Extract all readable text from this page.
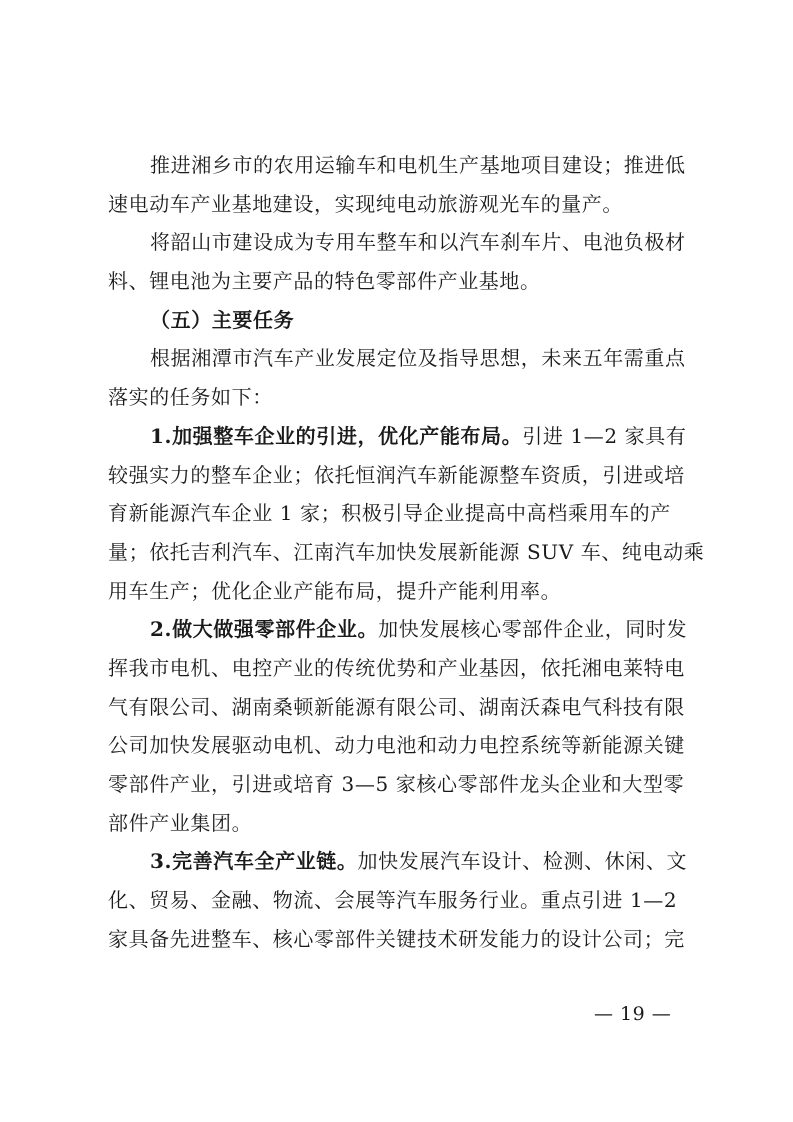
推进湘乡市的农用运输车和电机生产基地项目建设；推进低
速电动车产业基地建设，实现纯电动旅游观光车的量产。
将韶山市建设成为专用车整车和以汽车刹车片、电池负极材
料、锂电池为主要产品的特色零部件产业基地。
（五）主要任务
根据湘潭市汽车产业发展定位及指导思想，未来五年需重点
落实的任务如下：
1.加强整车企业的引进，优化产能布局。引进 1—2 家具有
较强实力的整车企业；依托恒润汽车新能源整车资质，引进或培
育新能源汽车企业 1 家；积极引导企业提高中高档乘用车的产
量；依托吉利汽车、江南汽车加快发展新能源 SUV 车、纯电动乘
用车生产；优化企业产能布局，提升产能利用率。
2.做大做强零部件企业。加快发展核心零部件企业，同时发
挥我市电机、电控产业的传统优势和产业基因，依托湘电莱特电
气有限公司、湖南桑顿新能源有限公司、湖南沃森电气科技有限
公司加快发展驱动电机、动力电池和动力电控系统等新能源关键
零部件产业，引进或培育 3—5 家核心零部件龙头企业和大型零
部件产业集团。
3.完善汽车全产业链。加快发展汽车设计、检测、休闲、文
化、贸易、金融、物流、会展等汽车服务行业。重点引进 1—2
家具备先进整车、核心零部件关键技术研发能力的设计公司；完
— 19 —
